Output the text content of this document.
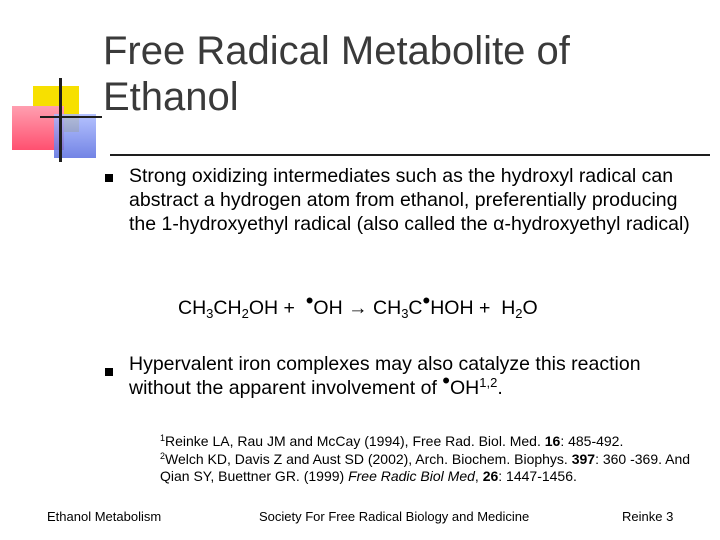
Free Radical Metabolite of Ethanol
Strong oxidizing intermediates such as the hydroxyl radical can abstract a hydrogen atom from ethanol, preferentially producing the 1-hydroxyethyl radical (also called the α-hydroxyethyl radical)
$CH_3CH_2OH$ + •OH → $CH_3C•HOH + H_2O$
Hypervalent iron complexes may also catalyze this reaction without the apparent involvement of •OH$^{1,2}$.
$^1$Reinke LA, Rau JM and McCay (1994), Free Rad. Biol. Med. 16: 485-492.
$^2$Welch KD, Davis Z and Aust SD (2002), Arch. Biochem. Biophys. 397: 360 -369. And Qian SY, Buettner GR. (1999) Free Radic Biol Med, 26: 1447-1456.
Ethanol Metabolism	Society For Free Radical Biology and Medicine	Reinke 3
